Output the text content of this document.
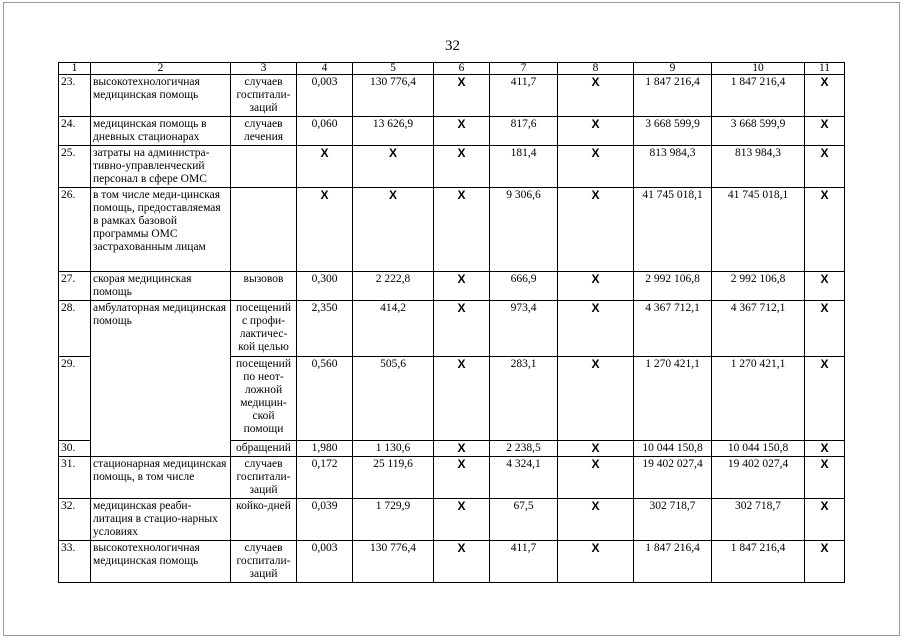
32
1	2	3	4	5	6	7	8	9	10	11
23.	высокотехнологичная медицинская помощь	случаев госпитали-заций	0,003	130 776,4	X	411,7	X	1 847 216,4	1 847 216,4	X
24.	медицинская помощь в дневных стационарах	случаев лечения	0,060	13 626,9	X	817,6	X	3 668 599,9	3 668 599,9	X
25.	затраты на администра-тивно-управленческий персонал в сфере ОМС		X	X	X	181,4	X	813 984,3	813 984,3	X
26.	в том числе меди-цинская помощь, предоставляемая в рамках базовой программы ОМС застрахованным лицам		X	X	X	9 306,6	X	41 745 018,1	41 745 018,1	X
27.	скорая медицинская помощь	вызовов	0,300	2 222,8	X	666,9	X	2 992 106,8	2 992 106,8	X
28.	амбулаторная медицинская помощь	посещений с профи-лактичес-кой целью	2,350	414,2	X	973,4	X	4 367 712,1	4 367 712,1	X
29.		посещений по неот-ложной медицин-ской помощи	0,560	505,6	X	283,1	X	1 270 421,1	1 270 421,1	X
30.		обращений	1,980	1 130,6	X	2 238,5	X	10 044 150,8	10 044 150,8	X
31.	стационарная медицинская помощь, в том числе	случаев госпитали-заций	0,172	25 119,6	X	4 324,1	X	19 402 027,4	19 402 027,4	X
32.	медицинская реаби-литация в стацио-нарных условиях	койко-дней	0,039	1 729,9	X	67,5	X	302 718,7	302 718,7	X
33.	высокотехнологичная медицинская помощь	случаев госпитали-заций	0,003	130 776,4	X	411,7	X	1 847 216,4	1 847 216,4	X
